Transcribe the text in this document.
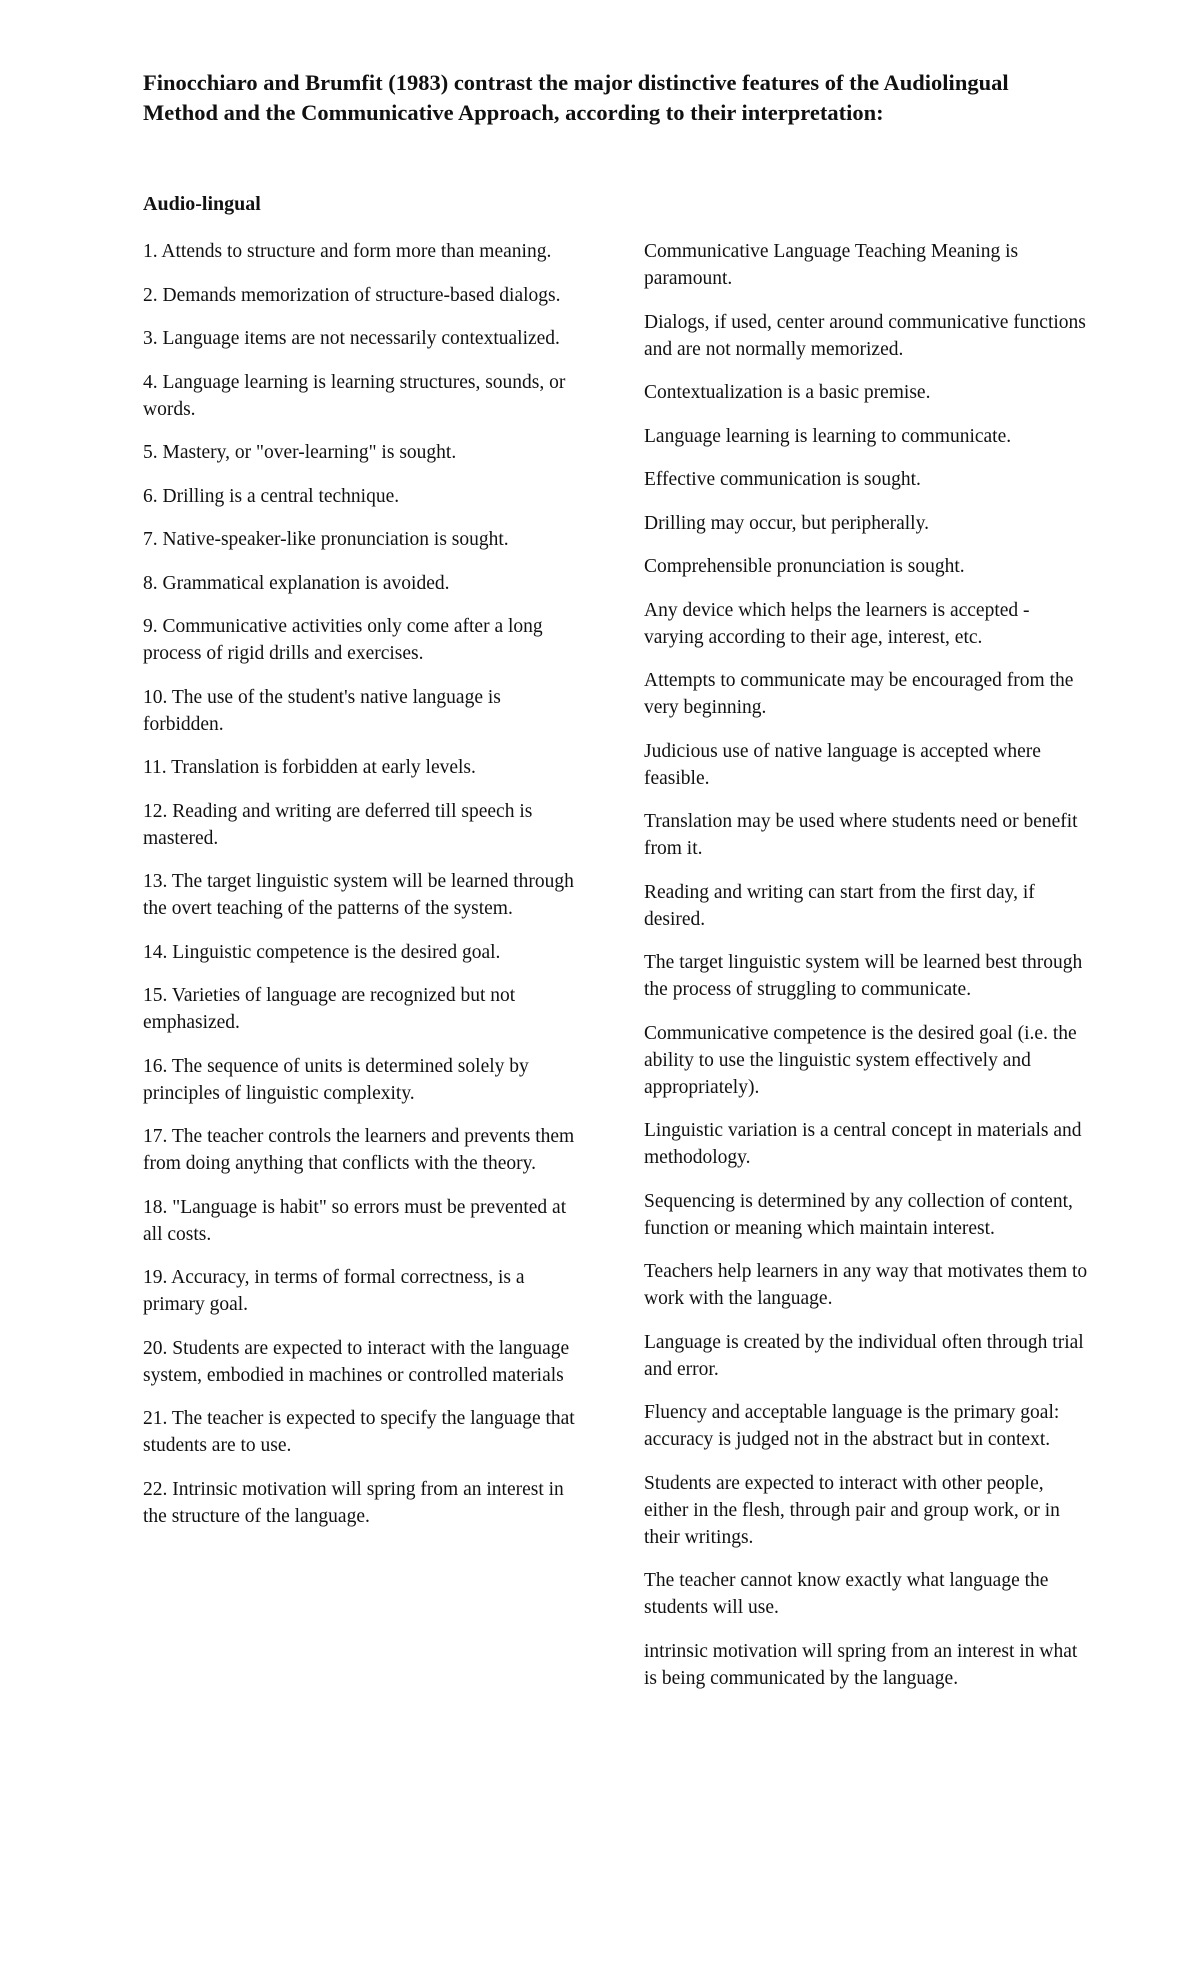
Finocchiaro and Brumfit (1983) contrast the major distinctive features of the Audiolingual Method and the Communicative Approach, according to their interpretation:
Audio-lingual
1. Attends to structure and form more than meaning.
2. Demands memorization of structure-based dialogs.
3. Language items are not necessarily contextualized.
4. Language learning is learning structures, sounds, or words.
5. Mastery, or "over-learning" is sought.
6. Drilling is a central technique.
7. Native-speaker-like pronunciation is sought.
8. Grammatical explanation is avoided.
9. Communicative activities only come after a long process of rigid drills and exercises.
10. The use of the student's native language is forbidden.
11. Translation is forbidden at early levels.
12. Reading and writing are deferred till speech is mastered.
13. The target linguistic system will be learned through the overt teaching of the patterns of the system.
14. Linguistic competence is the desired goal.
15. Varieties of language are recognized but not emphasized.
16. The sequence of units is determined solely by principles of linguistic complexity.
17. The teacher controls the learners and prevents them from doing anything that conflicts with the theory.
18. "Language is habit" so errors must be prevented at all costs.
19. Accuracy, in terms of formal correctness, is a primary goal.
20. Students are expected to interact with the language system, embodied in machines or controlled materials
21. The teacher is expected to specify the language that students are to use.
22. Intrinsic motivation will spring from an interest in the structure of the language.
Communicative Language Teaching Meaning is paramount.
Dialogs, if used, center around communicative functions and are not normally memorized.
Contextualization is a basic premise.
Language learning is learning to communicate.
Effective communication is sought.
Drilling may occur, but peripherally.
Comprehensible pronunciation is sought.
Any device which helps the learners is accepted - varying according to their age, interest, etc.
Attempts to communicate may be encouraged from the very beginning.
Judicious use of native language is accepted where feasible.
Translation may be used where students need or benefit from it.
Reading and writing can start from the first day, if desired.
The target linguistic system will be learned best through the process of struggling to communicate.
Communicative competence is the desired goal (i.e. the ability to use the linguistic system effectively and appropriately).
Linguistic variation is a central concept in materials and methodology.
Sequencing is determined by any collection of content, function or meaning which maintain interest.
Teachers help learners in any way that motivates them to work with the language.
Language is created by the individual often through trial and error.
Fluency and acceptable language is the primary goal: accuracy is judged not in the abstract but in context.
Students are expected to interact with other people, either in the flesh, through pair and group work, or in their writings.
The teacher cannot know exactly what language the students will use.
intrinsic motivation will spring from an interest in what is being communicated by the language.
